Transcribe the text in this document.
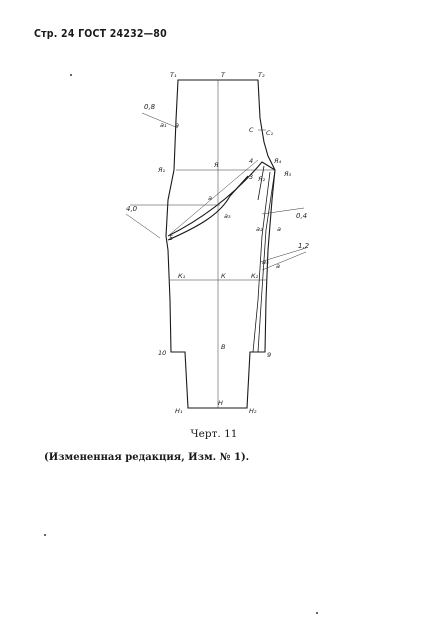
Стр. 24 ГОСТ 24232—80
Т₁	Т	Т₂
0,8
а₁ а
С С₁
Я₁
Я	4	Я₄
3 Я₂
Я₃
4,0
а
а₃
5
0,4
а₂ а
1,2
а₄ а
К₁	К	К₂
10
В
9
Н₁
Н
Н₂
Черт. 11
(Измененная редакция, Изм. № 1).
